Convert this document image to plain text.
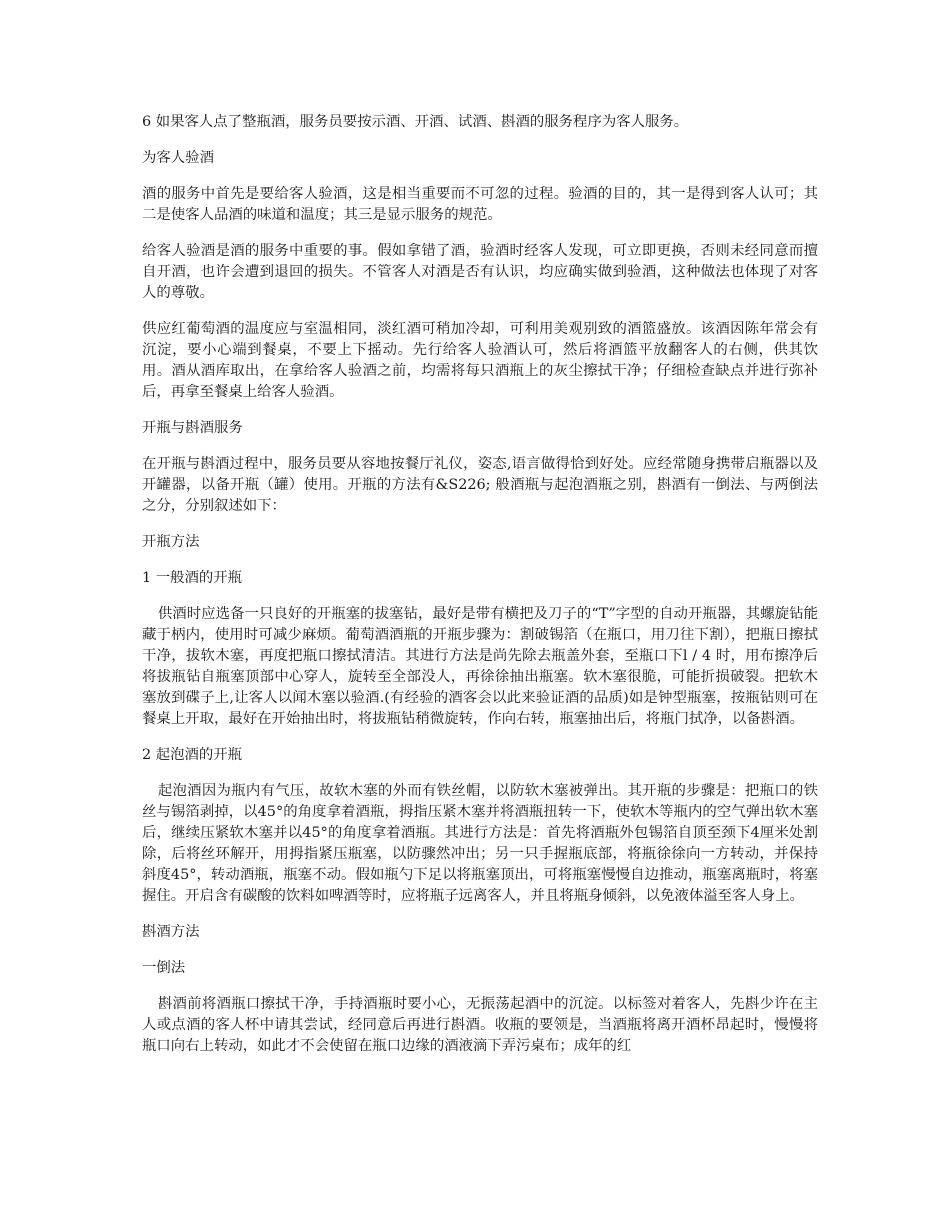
6 如果客人点了整瓶酒，服务员要按示酒、开酒、试酒、斟酒的服务程序为客人服务。

为客人验酒

酒的服务中首先是要给客人验酒，这是相当重要而不可忽的过程。验酒的目的，其一是得到客人认可；其二是使客人品酒的味道和温度；其三是显示服务的规范。

给客人验酒是酒的服务中重要的事。假如拿错了酒，验酒时经客人发现，可立即更换，否则未经同意而擅自开酒，也许会遭到退回的损失。不管客人对酒是否有认识，均应确实做到验酒，这种做法也体现了对客人的尊敬。

供应红葡萄酒的温度应与室温相同，淡红酒可稍加冷却，可利用美观别致的酒篮盛放。该酒因陈年常会有沉淀，要小心端到餐桌，不要上下摇动。先行给客人验酒认可，然后将酒篮平放翻客人的右侧，供其饮用。酒从酒库取出，在拿给客人验酒之前，均需将每只酒瓶上的灰尘擦拭干净；仔细检查缺点并进行弥补后，再拿至餐桌上给客人验酒。

开瓶与斟酒服务

在开瓶与斟酒过程中，服务员要从容地按餐厅礼仪，姿态,语言做得恰到好处。应经常随身携带启瓶器以及开罐器，以备开瓶（罐）使用。开瓶的方法有&S226; 般酒瓶与起泡酒瓶之别，斟酒有一倒法、与两倒法之分，分别叙述如下：

开瓶方法

1 一般酒的开瓶

供酒时应选备一只良好的开瓶塞的拔塞钻，最好是带有横把及刀子的“T”字型的自动开瓶器，其螺旋钻能藏于柄内，使用时可减少麻烦。葡萄酒酒瓶的开瓶步骤为：割破锡箔（在瓶口，用刀往下割），把瓶日擦拭干净，拔软木塞，再度把瓶口擦拭清洁。其进行方法是尚先除去瓶盖外套，至瓶口下l / 4 时，用布擦净后将拔瓶钻自瓶塞顶部中心穿人，旋转至全部没人，再徐徐抽出瓶塞。软木塞很脆，可能折损破裂。把软木塞放到碟子上,让客人以闻木塞以验酒.(有经验的酒客会以此来验证酒的品质)如是钟型瓶塞，按瓶钻则可在餐桌上开取，最好在开始抽出时，将拔瓶钻稍微旋转，作向右转，瓶塞抽出后，将瓶门拭净，以备斟酒。

2 起泡酒的开瓶

起泡酒因为瓶内有气压，故软木塞的外而有铁丝帽，以防软木塞被弹出。其开瓶的步骤是：把瓶口的铁丝与锡箔剥掉，以45°的角度拿着酒瓶，拇指压紧木塞并将酒瓶扭转一下，使软木等瓶内的空气弹出软木塞后，继续压紧软木塞并以45°的角度拿着酒瓶。其进行方法是：首先将酒瓶外包锡箔自顶至颈下4厘米处割除，后将丝环解开，用拇指紧压瓶塞，以防骤然冲出；另一只手握瓶底部，将瓶徐徐向一方转动，并保持斜度45°，转动酒瓶，瓶塞不动。假如瓶勺下足以将瓶塞顶出，可将瓶塞慢慢自边推动，瓶塞离瓶时，将塞握住。开启含有碳酸的饮料如啤酒等时，应将瓶子远离客人，并且将瓶身倾斜，以免液体溢至客人身上。

斟酒方法

一倒法

斟酒前将酒瓶口擦拭干净，手持酒瓶时要小心，无振荡起酒中的沉淀。以标签对着客人，先斟少许在主人或点酒的客人杯中请其尝试，经同意后再进行斟酒。收瓶的要领是，当酒瓶将离开酒杯昂起时，慢慢将瓶口向右上转动，如此才不会使留在瓶口边缘的酒液滴下弄污桌布；成年的红
